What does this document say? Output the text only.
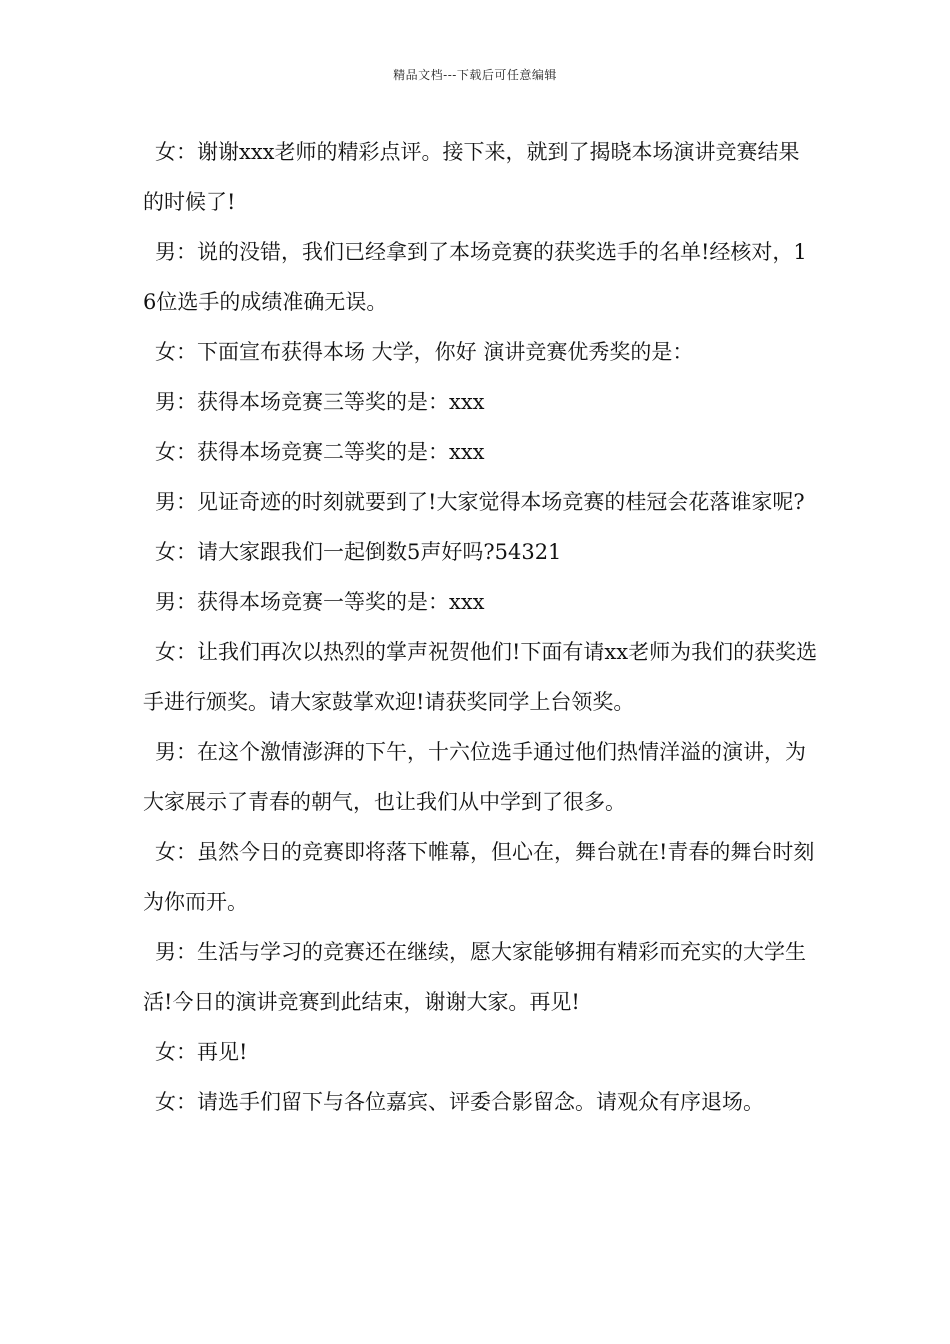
精品文档---下载后可任意编辑

女：谢谢xxx老师的精彩点评。接下来，就到了揭晓本场演讲竞赛结果的时候了!

男：说的没错，我们已经拿到了本场竞赛的获奖选手的名单!经核对，16位选手的成绩准确无误。

女：下面宣布获得本场 大学，你好 演讲竞赛优秀奖的是：

男：获得本场竞赛三等奖的是：xxx

女：获得本场竞赛二等奖的是：xxx

男：见证奇迹的时刻就要到了!大家觉得本场竞赛的桂冠会花落谁家呢?

女：请大家跟我们一起倒数5声好吗?54321

男：获得本场竞赛一等奖的是：xxx

女：让我们再次以热烈的掌声祝贺他们!下面有请xx老师为我们的获奖选手进行颁奖。请大家鼓掌欢迎!请获奖同学上台领奖。

男：在这个激情澎湃的下午，十六位选手通过他们热情洋溢的演讲，为大家展示了青春的朝气，也让我们从中学到了很多。

女：虽然今日的竞赛即将落下帷幕，但心在，舞台就在!青春的舞台时刻为你而开。

男：生活与学习的竞赛还在继续，愿大家能够拥有精彩而充实的大学生活!今日的演讲竞赛到此结束，谢谢大家。再见!

女：再见!

女：请选手们留下与各位嘉宾、评委合影留念。请观众有序退场。
